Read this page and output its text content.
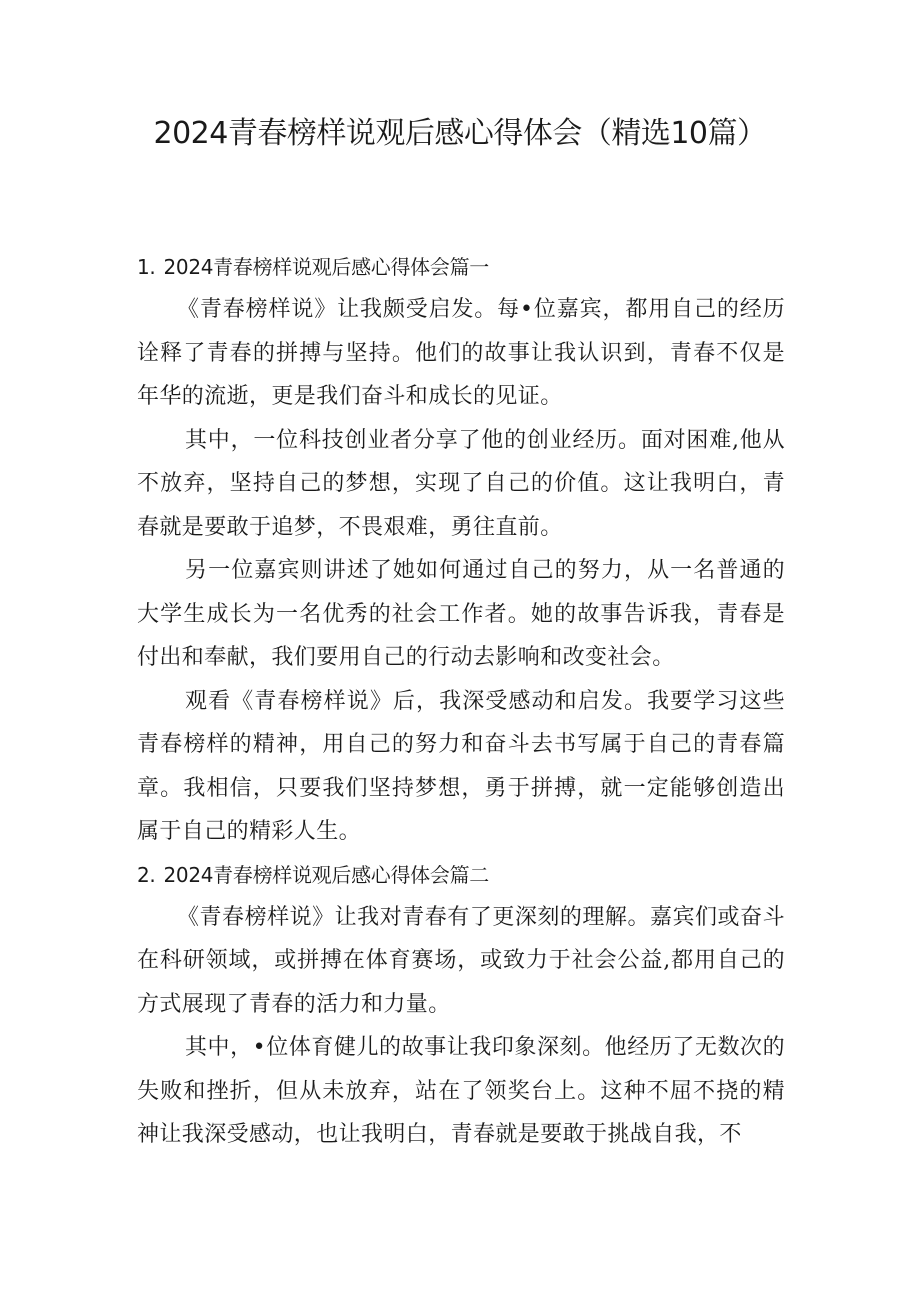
2024青春榜样说观后感心得体会（精选10篇）
1. 2024青春榜样说观后感心得体会篇一

《青春榜样说》让我颇受启发。每•位嘉宾，都用自己的经历诠释了青春的拼搏与坚持。他们的故事让我认识到，青春不仅是年华的流逝，更是我们奋斗和成长的见证。

其中，一位科技创业者分享了他的创业经历。面对困难,他从不放弃，坚持自己的梦想，实现了自己的价值。这让我明白，青春就是要敢于追梦，不畏艰难，勇往直前。

另一位嘉宾则讲述了她如何通过自己的努力，从一名普通的大学生成长为一名优秀的社会工作者。她的故事告诉我，青春是付出和奉献，我们要用自己的行动去影响和改变社会。

观看《青春榜样说》后，我深受感动和启发。我要学习这些青春榜样的精神，用自己的努力和奋斗去书写属于自己的青春篇章。我相信，只要我们坚持梦想，勇于拼搏，就一定能够创造出属于自己的精彩人生。

2. 2024青春榜样说观后感心得体会篇二

《青春榜样说》让我对青春有了更深刻的理解。嘉宾们或奋斗在科研领域，或拼搏在体育赛场，或致力于社会公益,都用自己的方式展现了青春的活力和力量。

其中，•位体育健儿的故事让我印象深刻。他经历了无数次的失败和挫折，但从未放弃，站在了领奖台上。这种不屈不挠的精神让我深受感动，也让我明白，青春就是要敢于挑战自我，不
